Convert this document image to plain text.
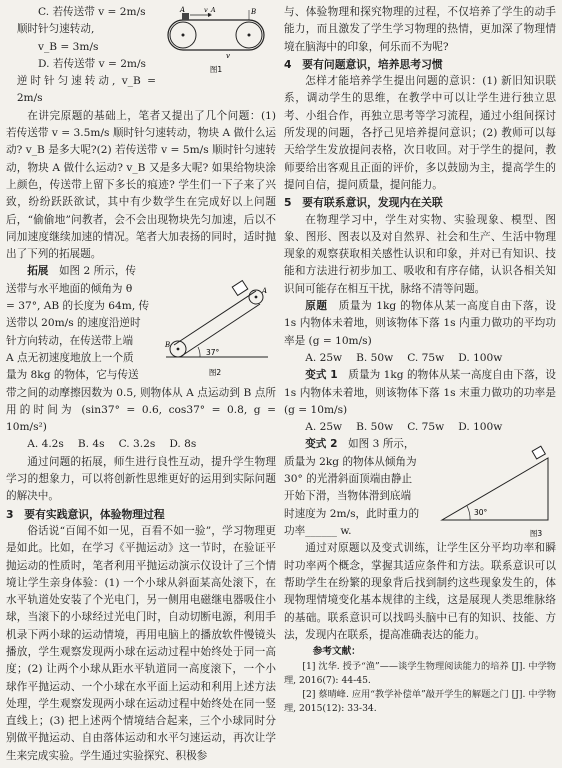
C. 若传送带 v = 2m/s

顺时针匀速转动,

v_B = 3m/s

D. 若传送带 v = 2m/s

逆时针匀速转动, v_B = 2m/s

A	v_A	B
v
图1

在讲完原题的基础上，笔者又提出了几个问题：(1) 若传送带 v = 3.5m/s 顺时针匀速转动，物块 A 做什么运动? v_B 是多大呢?(2) 若传送带 v = 5m/s 顺时针匀速转动，物块 A 做什么运动? v_B 又是多大呢? 如果给物块涂上颜色，传送带上留下多长的痕迹? 学生们一下子来了兴致，纷纷跃跃欲试，其中有少数学生在完成好以上问题后，“偷偷地”问教者，会不会出现物块先匀加速，后以不同加速度继续加速的情况。笔者大加表扬的同时，适时抛出了下列的拓展题。

拓展　 如图 2 所示，传

送带与水平地面的倾角为 θ

= 37°, AB 的长度为 64m, 传

送带以 20m/s 的速度沿逆时

针方向转动，在传送带上端

A 点无初速度地放上一个质

量为 8kg 的物体，它与传送

37°
A
B
图2

带之间的动摩擦因数为 0.5, 则物体从 A 点运动到 B 点所用的时间为 (sin37° = 0.6, cos37° = 0.8, g = 10m/s²)

A. 4.2s B. 4s C. 3.2s D. 8s

通过问题的拓展，师生进行良性互动，提升学生物理学习的想象力，可以将创新性思维更好的运用到实际问题的解决中。

3　要有实践意识，体验物理过程

俗话说“百闻不如一见，百看不如一验”，学习物理更是如此。比如，在学习《平抛运动》这一节时，在验证平抛运动的性质时，笔者利用平抛运动演示仪设计了三个情境让学生亲身体验：(1) 一个小球从斜面某高处滚下，在水平轨道处安装了个光电门，另一侧用电磁继电器吸住小球，当滚下的小球经过光电门时，自动切断电源，利用手机录下两小球的运动情境，再用电脑上的播放软件慢镜头播放，学生观察发现两小球在运动过程中始终处于同一高度；(2) 让两个小球从距水平轨道同一高度滚下，一个小球作平抛运动、一个小球在水平面上运动和利用上述方法处理，学生观察发现两小球在运动过程中始终处在同一竖直线上；(3) 把上述两个情境结合起来，三个小球同时分别做平抛运动、自由落体运动和水平匀速运动，再次让学生来完成实验。学生通过实验探究、积极参

与、体验物理和探究物理的过程，不仅培养了学生的动手能力，而且激发了学生学习物理的热情，更加深了物理情境在脑海中的印象，何乐而不为呢?

4　要有问题意识，培养思考习惯

怎样才能培养学生提出问题的意识：(1) 新旧知识联系，调动学生的思维，在教学中可以让学生进行独立思考、小组合作，再独立思考等学习流程，通过小组间探讨所发现的问题，各抒己见培养提问意识；(2) 教师可以每天给学生发放提问表格，次日收回。对于学生的提问，教师要给出客观且正面的评价，多以鼓励为主，提高学生的提问自信，提问质量，提问能力。

5　要有联系意识，发现内在关联

在物理学习中，学生对实物、实验现象、模型、图象、图形、图表以及对自然界、社会和生产、生活中物理现象的观察获取相关感性认识和印象，并对已有知识、技能和方法进行初步加工、吸收和有序存储，认识各相关知识间可能存在相互干扰，脉络不清等问题。

原题　 质量为 1kg 的物体从某一高度自由下落，设 1s 内物体未着地，则该物体下落 1s 内重力做功的平均功率是 (g = 10m/s)

A. 25w B. 50w C. 75w D. 100w

变式 1　 质量为 1kg 的物体从某一高度自由下落，设 1s 内物体未着地，则该物体下落 1s 末重力做功的功率是 (g = 10m/s)

A. 25w B. 50w C. 75w D. 100w

变式 2　 如图 3 所示，

质量为 2kg 的物体从倾角为

30° 的光滑斜面顶端由静止

开始下滑，当物体滑到底端

时速度为 2m/s，此时重力的

功率______ w.

30°
图3

通过对原题以及变式训练，让学生区分平均功率和瞬时功率两个概念，掌握其适应条件和方法。联系意识可以帮助学生在纷繁的现象背后找到制约这些现象发生的，体现物理情境变化基本规律的主线，这是展现人类思维脉络的基础。联系意识可以找吗头脑中已有的知识、技能、方法，发现内在联系，提高准确表达的能力。

参考文献：

[1] 沈华. 授予“渔”——谈学生物理阅读能力的培养 [J]. 中学物理, 2016(7): 44-45.

[2] 蔡晴峰. 应用“教学补偿单”敲开学生的解题之门 [J]. 中学物理, 2015(12): 33-34.
